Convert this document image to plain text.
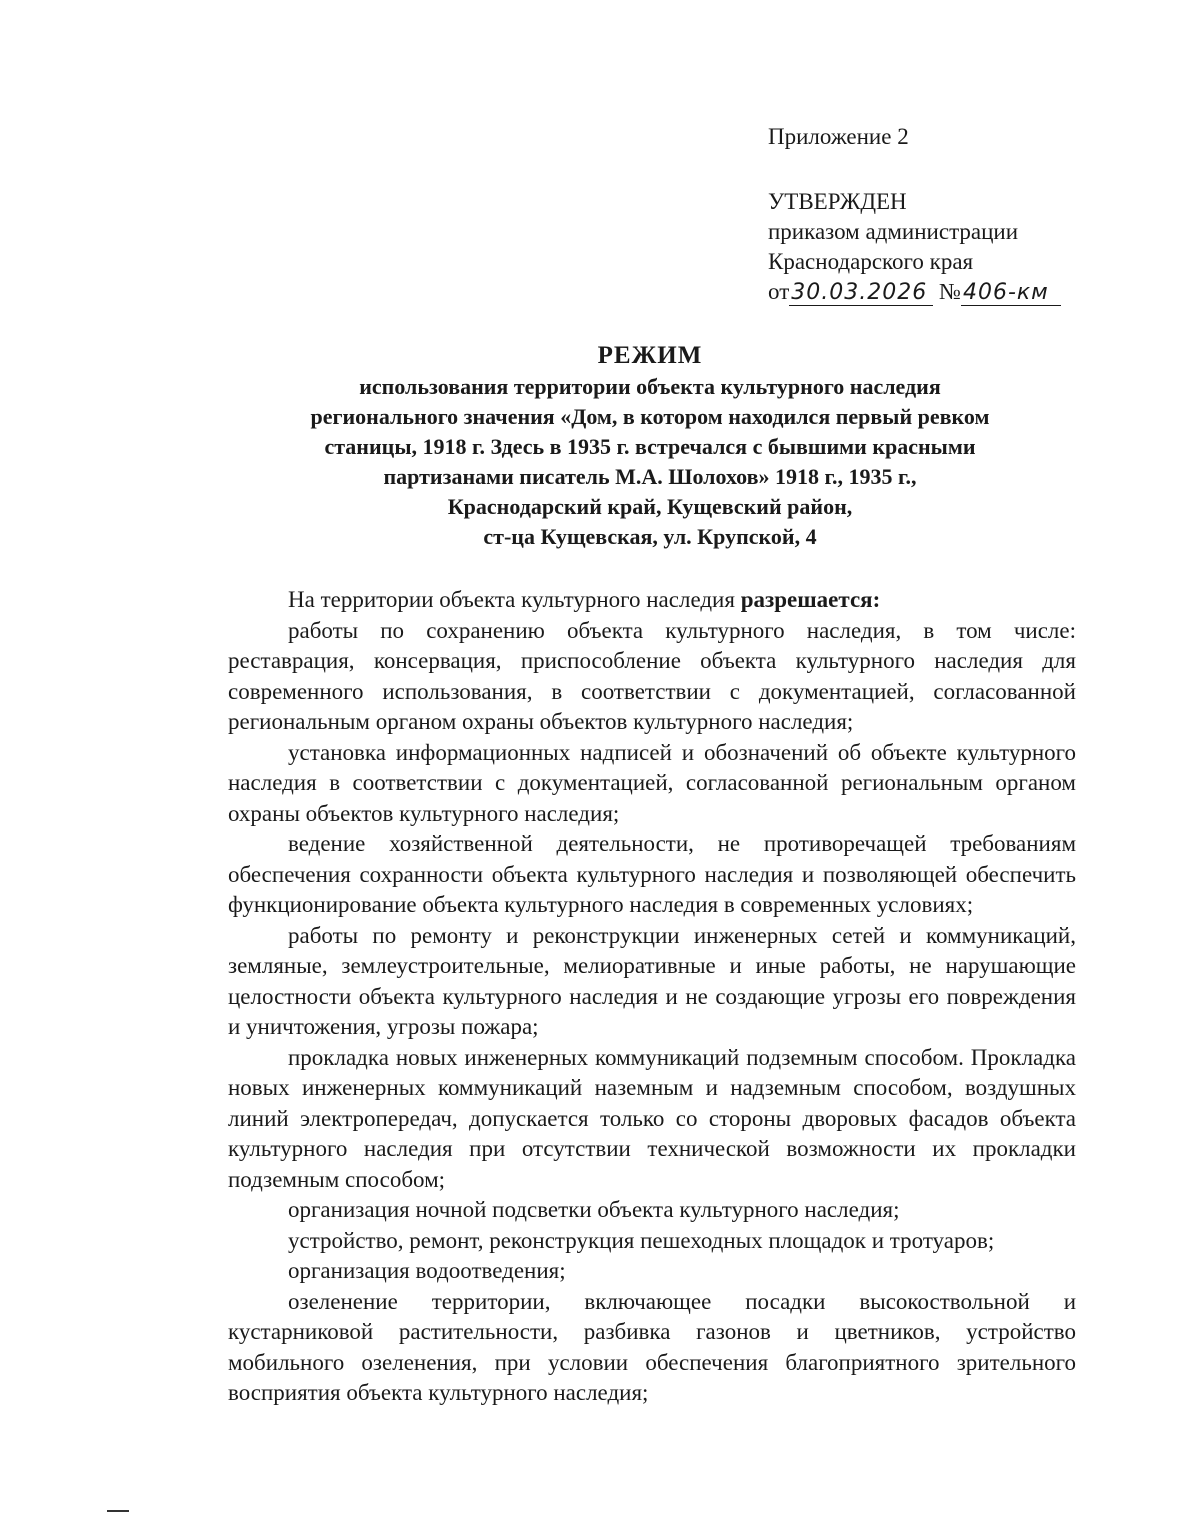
Приложение 2
УТВЕРЖДЕН
приказом администрации
Краснодарского края
от30.03.2026 №406-км
РЕЖИМ
использования территории объекта культурного наследия
регионального значения «Дом, в котором находился первый ревком
станицы, 1918 г. Здесь в 1935 г. встречался с бывшими красными
партизанами писатель М.А. Шолохов» 1918 г., 1935 г.,
Краснодарский край, Кущевский район,
ст-ца Кущевская, ул. Крупской, 4

На территории объекта культурного наследия разрешается:

работы по сохранению объекта культурного наследия, в том числе: реставрация, консервация, приспособление объекта культурного наследия для современного использования, в соответствии с документацией, согласованной региональным органом охраны объектов культурного наследия;

установка информационных надписей и обозначений об объекте культурного наследия в соответствии с документацией, согласованной региональным органом охраны объектов культурного наследия;

ведение хозяйственной деятельности, не противоречащей требованиям обеспечения сохранности объекта культурного наследия и позволяющей обеспечить функционирование объекта культурного наследия в современных условиях;

работы по ремонту и реконструкции инженерных сетей и коммуникаций, земляные, землеустроительные, мелиоративные и иные работы, не нарушающие целостности объекта культурного наследия и не создающие угрозы его повреждения и уничтожения, угрозы пожара;

прокладка новых инженерных коммуникаций подземным способом. Прокладка новых инженерных коммуникаций наземным и надземным способом, воздушных линий электропередач, допускается только со стороны дворовых фасадов объекта культурного наследия при отсутствии технической возможности их прокладки подземным способом;

организация ночной подсветки объекта культурного наследия;

устройство, ремонт, реконструкция пешеходных площадок и тротуаров;

организация водоотведения;

озеленение территории, включающее посадки высокоствольной и кустарниковой растительности, разбивка газонов и цветников, устройство мобильного озеленения, при условии обеспечения благоприятного зрительного восприятия объекта культурного наследия;
